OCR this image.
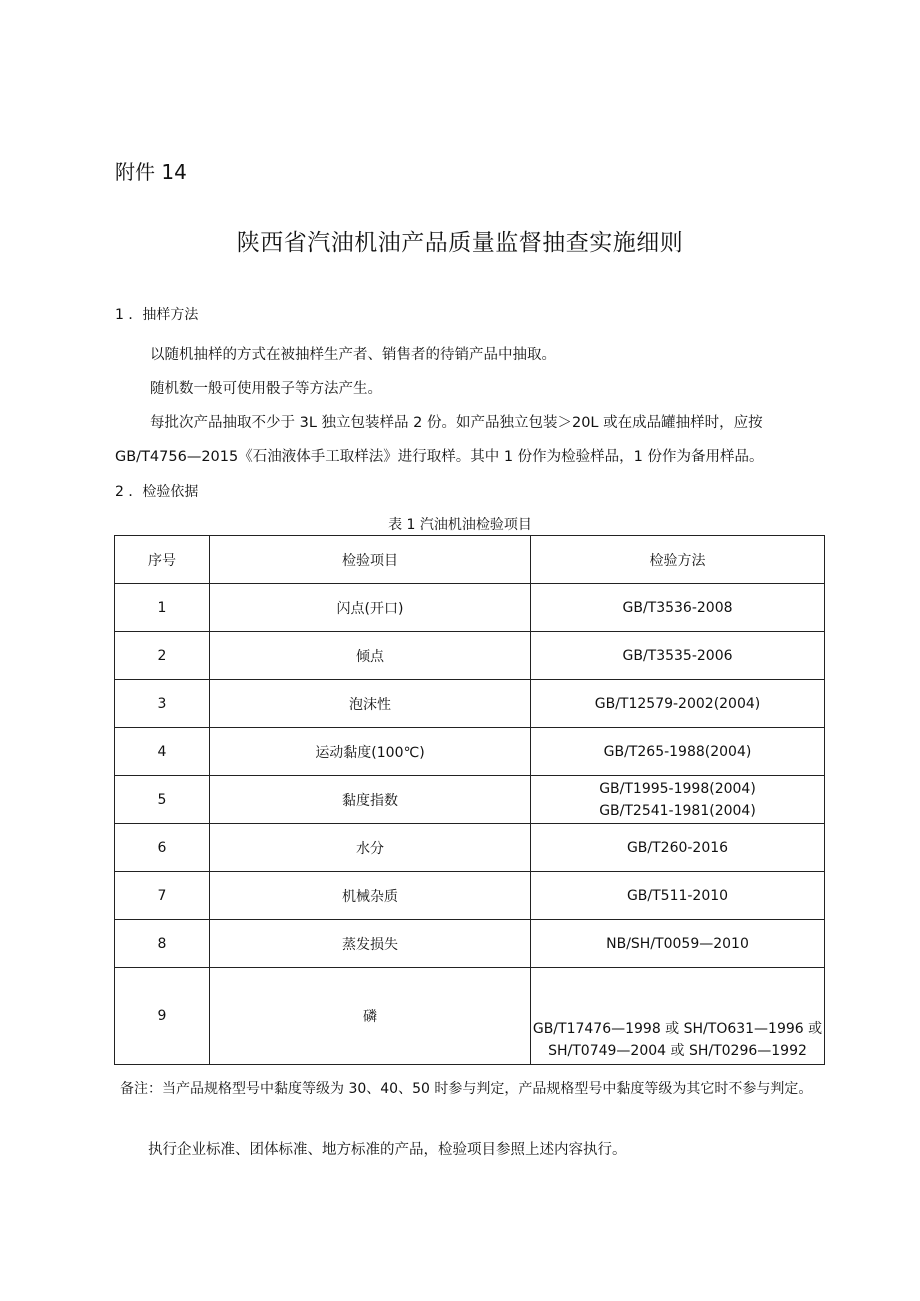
附件 14
陕西省汽油机油产品质量监督抽查实施细则
1 ．抽样方法
以随机抽样的方式在被抽样生产者、销售者的待销产品中抽取。
随机数一般可使用骰子等方法产生。
每批次产品抽取不少于 3L 独立包装样品 2 份。如产品独立包装＞20L 或在成品罐抽样时，应按
GB/T4756—2015《石油液体手工取样法》进行取样。其中 1 份作为检验样品，1 份作为备用样品。
2 ．检验依据
表 1 汽油机油检验项目
序号	检验项目	检验方法
1	闪点(开口)	GB/T3536-2008
2	倾点	GB/T3535-2006
3	泡沫性	GB/T12579-2002(2004)
4	运动黏度(100℃)	GB/T265-1988(2004)
5	黏度指数	GB/T1995-1998(2004)
GB/T2541-1981(2004)

6	水分	GB/T260-2016
7	机械杂质	GB/T511-2010
8	蒸发损失	NB/SH/T0059—2010
9	磷	GB/T17476—1998 或 SH/TO631—1996 或
SH/T0749—2004 或 SH/T0296—1992
备注：当产品规格型号中黏度等级为 30、40、50 时参与判定，产品规格型号中黏度等级为其它时不参与判定。
执行企业标准、团体标准、地方标准的产品，检验项目参照上述内容执行。
